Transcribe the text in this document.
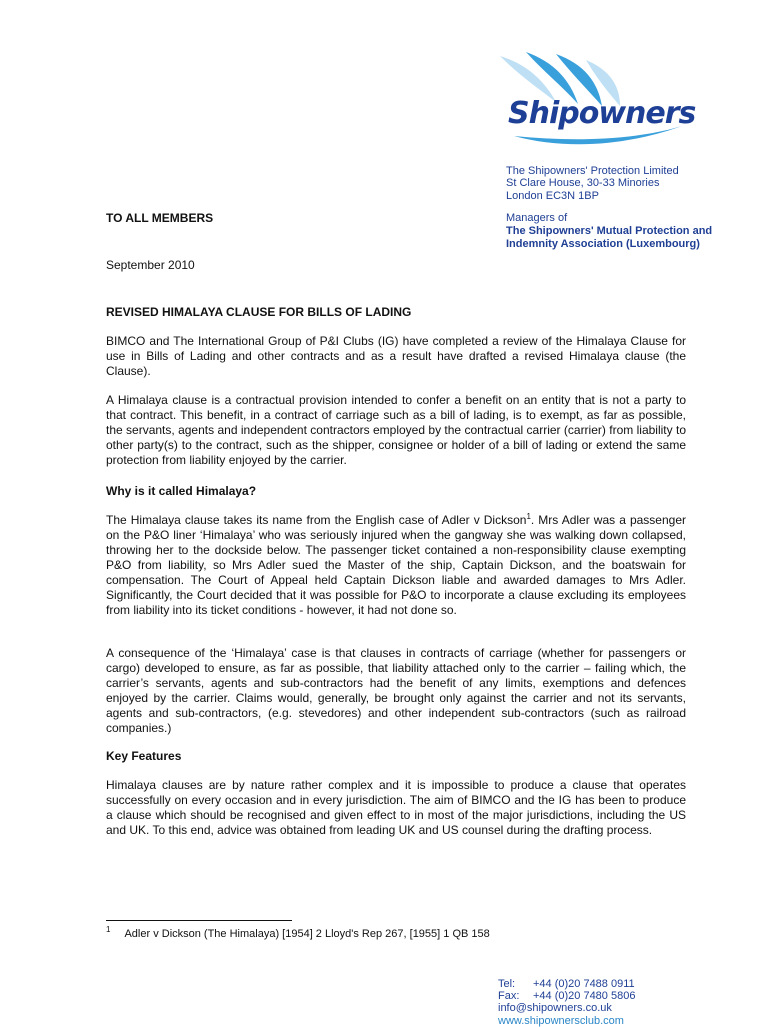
Shipowners
The Shipowners' Protection Limited
St Clare House, 30-33 Minories
London EC3N 1BP
Managers of
The Shipowners' Mutual Protection and
Indemnity Association (Luxembourg)
TO ALL MEMBERS
September 2010
REVISED HIMALAYA CLAUSE FOR BILLS OF LADING

BIMCO and The International Group of P&I Clubs (IG) have completed a review of the Himalaya Clause for use in Bills of Lading and other contracts and as a result have drafted a revised Himalaya clause (the Clause).

A Himalaya clause is a contractual provision intended to confer a benefit on an entity that is not a party to that contract. This benefit, in a contract of carriage such as a bill of lading, is to exempt, as far as possible, the servants, agents and independent contractors employed by the contractual carrier (carrier) from liability to other party(s) to the contract, such as the shipper, consignee or holder of a bill of lading or extend the same protection from liability enjoyed by the carrier.

Why is it called Himalaya?

The Himalaya clause takes its name from the English case of Adler v Dickson$^1$. Mrs Adler was a passenger on the P&O liner ‘Himalaya’ who was seriously injured when the gangway she was walking down collapsed, throwing her to the dockside below. The passenger ticket contained a non-responsibility clause exempting P&O from liability, so Mrs Adler sued the Master of the ship, Captain Dickson, and the boatswain for compensation. The Court of Appeal held Captain Dickson liable and awarded damages to Mrs Adler. Significantly, the Court decided that it was possible for P&O to incorporate a clause excluding its employees from liability into its ticket conditions - however, it had not done so.

A consequence of the ‘Himalaya’ case is that clauses in contracts of carriage (whether for passengers or cargo) developed to ensure, as far as possible, that liability attached only to the carrier – failing which, the carrier’s servants, agents and sub-contractors had the benefit of any limits, exemptions and defences enjoyed by the carrier. Claims would, generally, be brought only against the carrier and not its servants, agents and sub-contractors, (e.g. stevedores) and other independent sub-contractors (such as railroad companies.)

Key Features

Himalaya clauses are by nature rather complex and it is impossible to produce a clause that operates successfully on every occasion and in every jurisdiction. The aim of BIMCO and the IG has been to produce a clause which should be recognised and given effect to in most of the major jurisdictions, including the US and UK. To this end, advice was obtained from leading UK and US counsel during the drafting process.

$^1$ Adler v Dickson (The Himalaya) [1954] 2 Lloyd's Rep 267, [1955] 1 QB 158
Tel: +44 (0)20 7488 0911
Fax: +44 (0)20 7480 5806
info@shipowners.co.uk
www.shipownersclub.com
